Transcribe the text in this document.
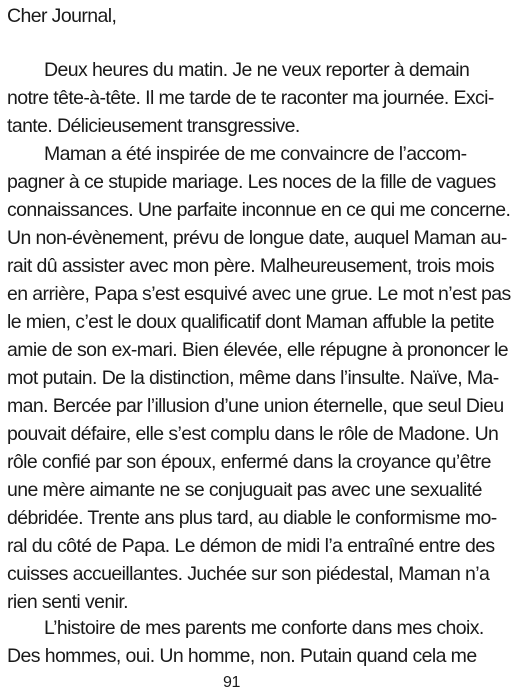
Cher Journal,
Deux heures du matin. Je ne veux reporter à demain
notre tête-à-tête. Il me tarde de te raconter ma journée. Exci-
tante. Délicieusement transgressive.
Maman a été inspirée de me convaincre de l’accom-
pagner à ce stupide mariage. Les noces de la fille de vagues
connaissances. Une parfaite inconnue en ce qui me concerne.
Un non-évènement, prévu de longue date, auquel Maman au-
rait dû assister avec mon père. Malheureusement, trois mois
en arrière, Papa s’est esquivé avec une grue. Le mot n’est pas
le mien, c’est le doux qualificatif dont Maman affuble la petite
amie de son ex-mari. Bien élevée, elle répugne à prononcer le
mot putain. De la distinction, même dans l’insulte. Naïve, Ma-
man. Bercée par l’illusion d’une union éternelle, que seul Dieu
pouvait défaire, elle s’est complu dans le rôle de Madone. Un
rôle confié par son époux, enfermé dans la croyance qu’être
une mère aimante ne se conjuguait pas avec une sexualité
débridée. Trente ans plus tard, au diable le conformisme mo-
ral du côté de Papa. Le démon de midi l’a entraîné entre des
cuisses accueillantes. Juchée sur son piédestal, Maman n’a
rien senti venir.
L’histoire de mes parents me conforte dans mes choix.
Des hommes, oui. Un homme, non. Putain quand cela me
91
